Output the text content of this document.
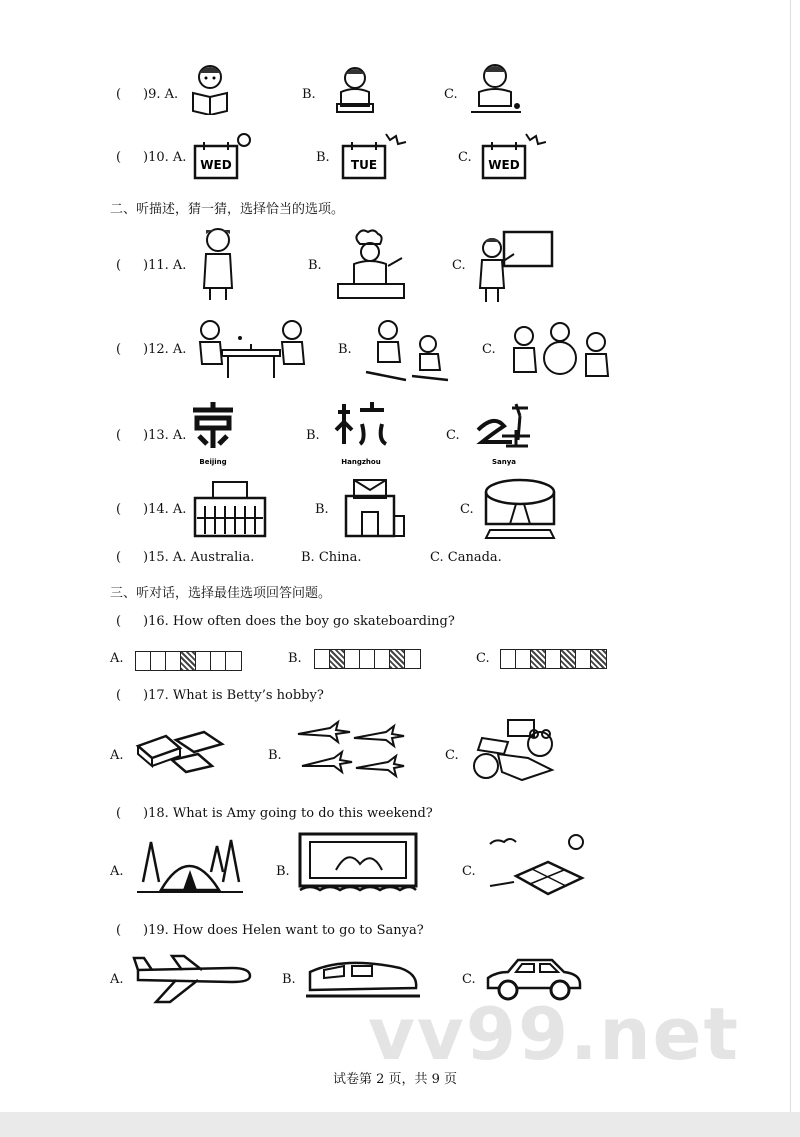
( )9. A.	B.	C.
( )10. A. WED	B. TUE	C. WED
二、听描述，猜一猜，选择恰当的选项。
( )11. A.	B.	C.
( )12. A.	B.	C.
( )13. A.
Beijing
B.
Hangzhou
C.
Sanya
( )14. A.	B.	C.
( )15. A. Australia.	B. China.	C. Canada.
三、听对话，选择最佳选项回答问题。
( )16. How often does the boy go skateboarding?
A.	B.	C.
( )17. What is Betty’s hobby?
A.	B.	C.
( )18. What is Amy going to do this weekend?
A.	B.	C.
( )19. How does Helen want to go to Sanya?
A.	B.	C.
vv99.net
试卷第 2 页，共 9 页
